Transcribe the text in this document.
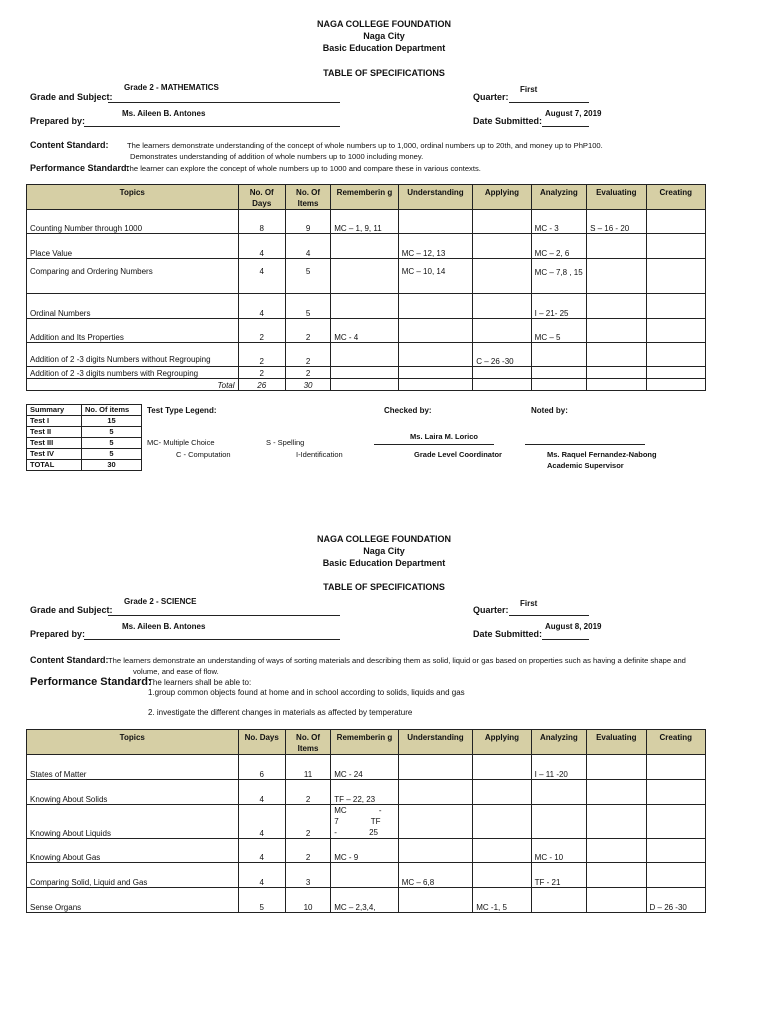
NAGA COLLEGE FOUNDATION
Naga City
Basic Education Department
TABLE OF SPECIFICATIONS
Grade and Subject:
Grade 2 - MATHEMATICS
Quarter:
First
Prepared by:
Ms. Aileen B. Antones
Date Submitted:
August 7, 2019
Content Standard: The learners demonstrate understanding of the concept of whole numbers up to 1,000, ordinal numbers up to 20th, and money up to PhP100.
Demonstrates understanding of addition of whole numbers up to 1000 including money.
Performance Standard:
The learner can explore the concept of whole numbers up to 1000 and compare these in various contexts.
Topics	No. Of Days	No. Of Items	Rememberin g	Understanding	Applying	Analyzing	Evaluating	Creating
Counting Number through 1000	8	9	MC – 1, 9, 11			MC - 3	S – 16 - 20	
Place Value	4	4		MC – 12, 13		MC – 2, 6		
Comparing and Ordering Numbers	4	5		MC – 10, 14		MC – 7,8 , 15		
Ordinal Numbers	4	5				I – 21- 25		
Addition and Its Properties	2	2	MC - 4			MC – 5		
Addition of 2 -3 digits Numbers without Regrouping	2	2			C – 26 -30			
Addition of 2 -3 digits numbers with Regrouping	2	2						
Total	26	30						
Summary	No. Of items
Test I	15
Test II	5
Test III	5
Test IV	5
TOTAL	30
Test Type Legend:	Checked by:	Noted by:
Ms. Laira M. Lorico
MC- Multiple Choice	S - Spelling
C - Computation	I-Identification	Grade Level Coordinator	Ms. Raquel Fernandez-Nabong
Academic Supervisor
NAGA COLLEGE FOUNDATION
Naga City
Basic Education Department
TABLE OF SPECIFICATIONS
Grade and Subject:
Grade 2 - SCIENCE
Quarter:
First
Prepared by:
Ms. Aileen B. Antones
Date Submitted:
August 8, 2019
Content Standard: The learners demonstrate an understanding of ways of sorting materials and describing them as solid, liquid or gas based on properties such as having a definite shape and
volume, and ease of flow.
Performance Standard:
The learners shall be able to:
1.group common objects found at home and in school according to solids, liquids and gas
2. investigate the different changes in materials as affected by temperature
Topics	No. Days	No. Of Items	Rememberin g	Understanding	Applying	Analyzing	Evaluating	Creating
States of Matter	6	11	MC - 24			I – 11 -20		
Knowing About Solids	4	2	TF – 22, 23					
Knowing About Liquids	4	2	MC - 7 TF - 25					
Knowing About Gas	4	2	MC - 9			MC - 10		
Comparing Solid, Liquid and Gas	4	3		MC – 6,8		TF - 21		
Sense Organs	5	10	MC – 2,3,4,		MC -1, 5			D – 26 -30
